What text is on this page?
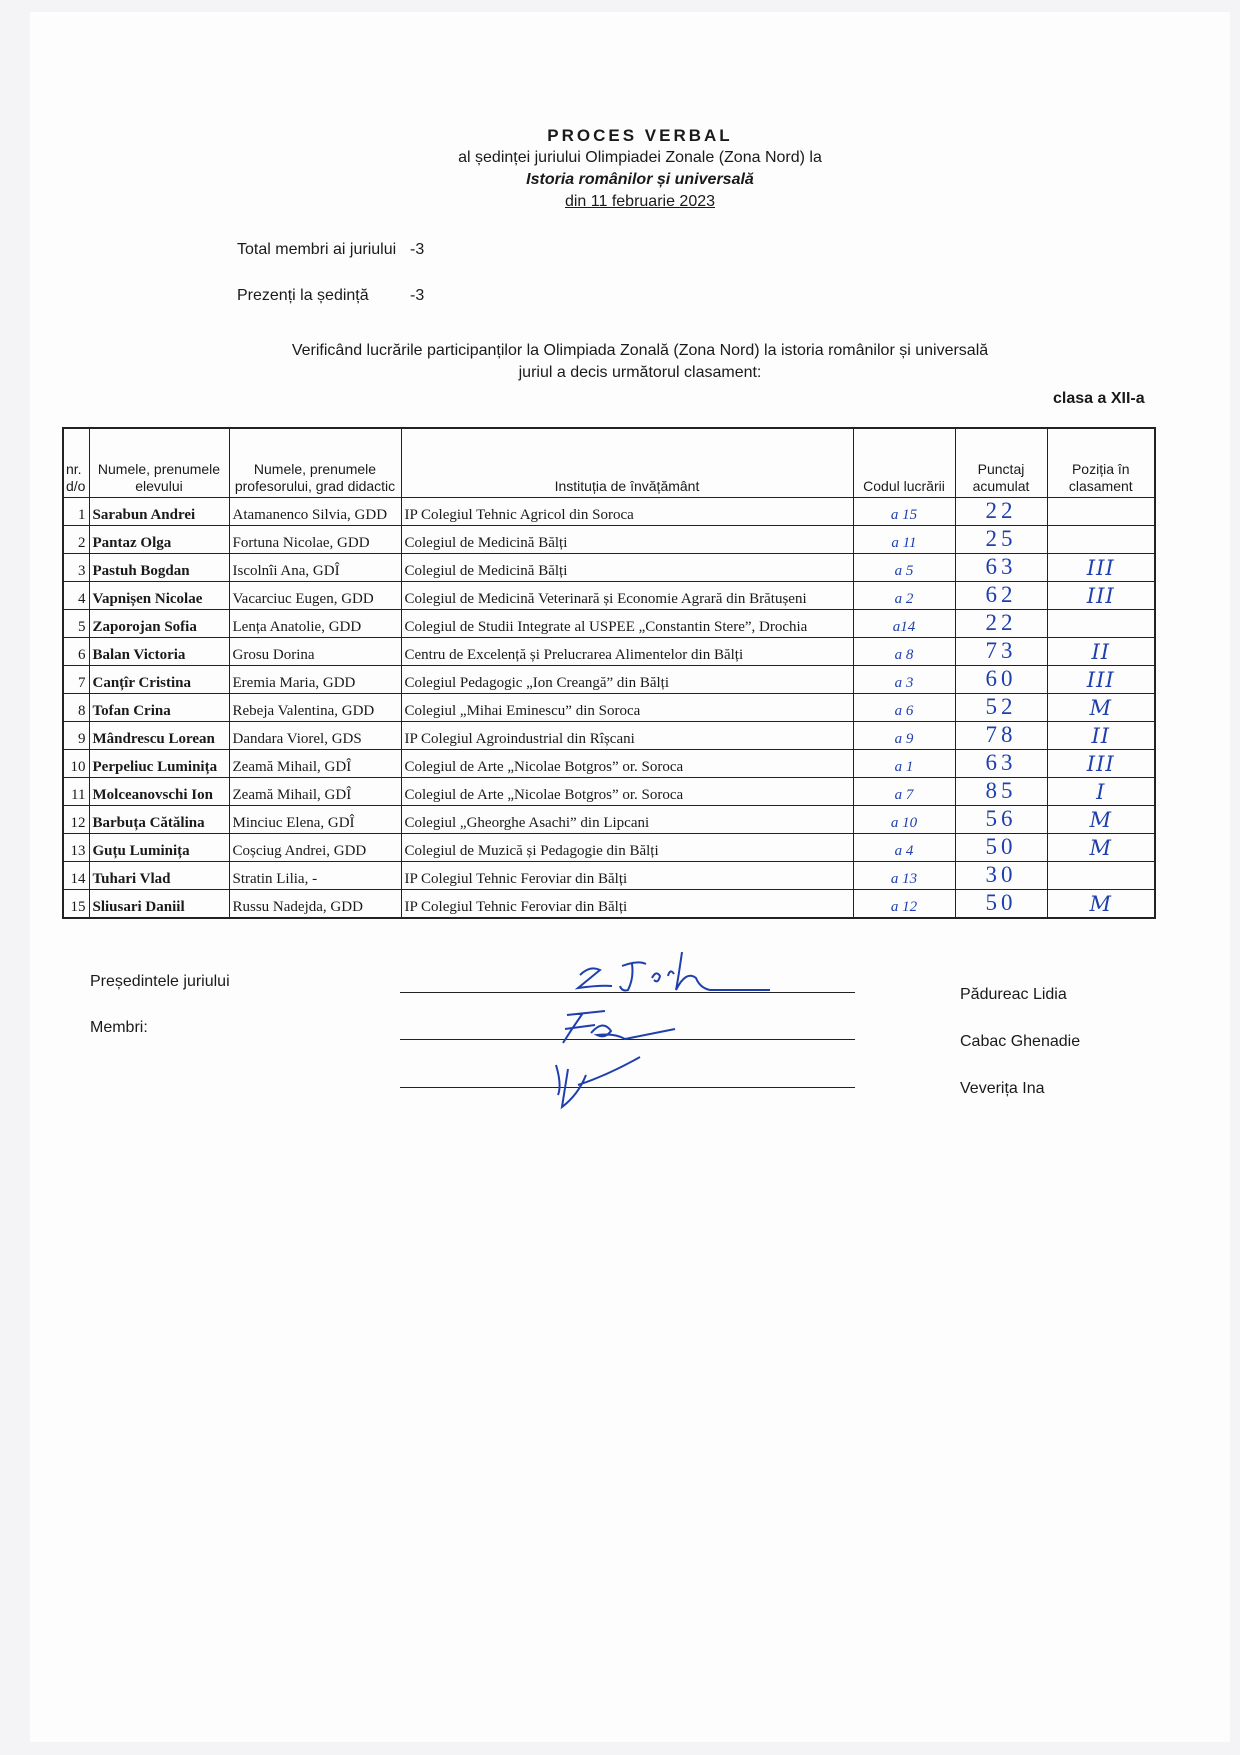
PROCES VERBAL
al ședinței juriului Olimpiadei Zonale (Zona Nord) la
Istoria românilor și universală
din 11 februarie 2023
Total membri ai juriului -3
Prezenți la ședință	-3
Verificând lucrările participanților la Olimpiada Zonală (Zona Nord) la istoria românilor și universală
juriul a decis următorul clasament:
clasa a XII-a
nr. d/o	Numele, prenumele elevului	Numele, prenumele profesorului, grad didactic	Instituția de învățământ	Codul lucrării	Punctaj acumulat	Poziția în clasament
1	Sarabun Andrei	Atamanenco Silvia, GDD	IP Colegiul Tehnic Agricol din Soroca	a 15	22	
2	Pantaz Olga	Fortuna Nicolae, GDD	Colegiul de Medicină Bălți	a 11	25	
3	Pastuh Bogdan	Iscolnîi Ana, GDÎ	Colegiul de Medicină Bălți	a 5	63	III
4	Vapnișen Nicolae	Vacarciuc Eugen, GDD	Colegiul de Medicină Veterinară și Economie Agrară din Brătușeni	a 2	62	III
5	Zaporojan Sofia	Lența Anatolie, GDD	Colegiul de Studii Integrate al USPEE „Constantin Stere”, Drochia	a14	22	
6	Balan Victoria	Grosu Dorina	Centru de Excelență și Prelucrarea Alimentelor din Bălți	a 8	73	II
7	Canțîr Cristina	Eremia Maria, GDD	Colegiul Pedagogic „Ion Creangă” din Bălți	a 3	60	III
8	Tofan Crina	Rebeja Valentina, GDD	Colegiul „Mihai Eminescu” din Soroca	a 6	52	M
9	Mândrescu Lorean	Dandara Viorel, GDS	IP Colegiul Agroindustrial din Rîșcani	a 9	78	II
10	Perpeliuc Luminița	Zeamă Mihail, GDÎ	Colegiul de Arte „Nicolae Botgros” or. Soroca	a 1	63	III
11	Molceanovschi Ion	Zeamă Mihail, GDÎ	Colegiul de Arte „Nicolae Botgros” or. Soroca	a 7	85	I
12	Barbuța Cătălina	Minciuc Elena, GDÎ	Colegiul „Gheorghe Asachi” din Lipcani	a 10	56	M
13	Guțu Luminița	Coșciug Andrei, GDD	Colegiul de Muzică și Pedagogie din Bălți	a 4	50	M
14	Tuhari Vlad	Stratin Lilia, -	IP Colegiul Tehnic Feroviar din Bălți	a 13	30	
15	Sliusari Daniil	Russu Nadejda, GDD	IP Colegiul Tehnic Feroviar din Bălți	a 12	50	M
Președintele juriului
Membri:
Pădureac Lidia
Cabac Ghenadie
Veverița Ina
